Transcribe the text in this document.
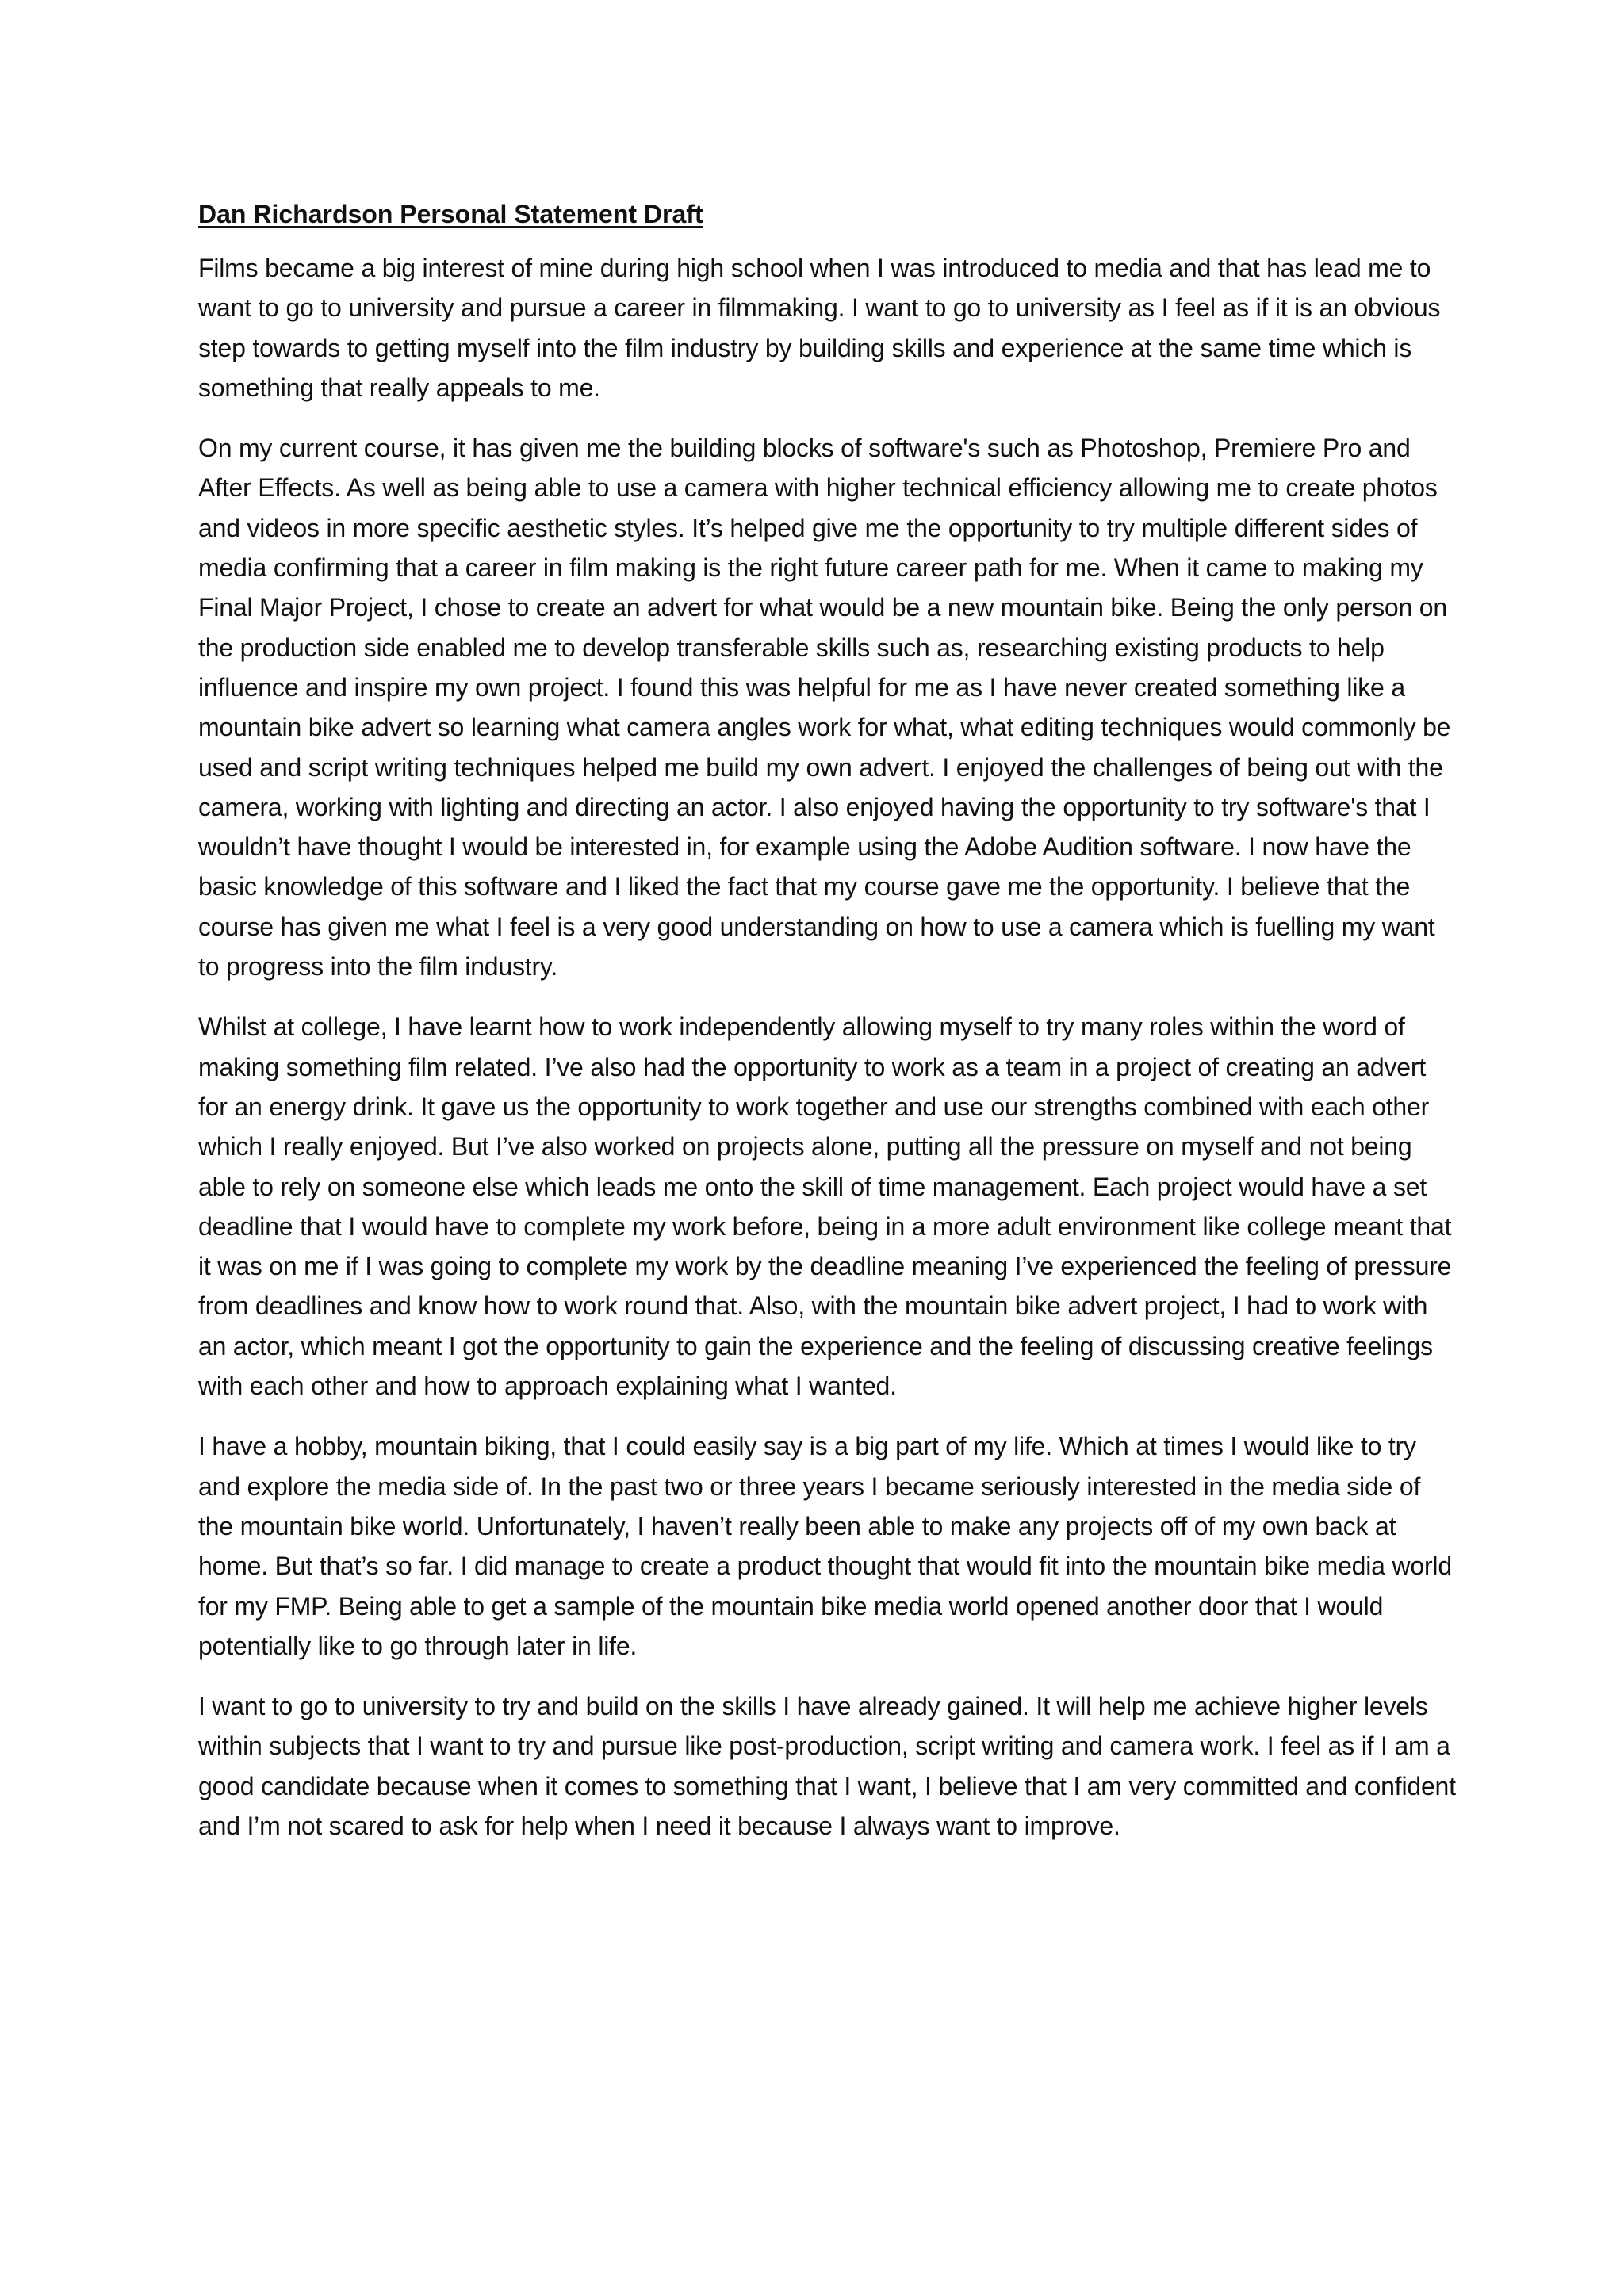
Dan Richardson Personal Statement Draft

Films became a big interest of mine during high school when I was introduced to media and that has lead me to want to go to university and pursue a career in filmmaking. I want to go to university as I feel as if it is an obvious step towards to getting myself into the film industry by building skills and experience at the same time which is something that really appeals to me.

On my current course, it has given me the building blocks of software's such as Photoshop, Premiere Pro and After Effects. As well as being able to use a camera with higher technical efficiency allowing me to create photos and videos in more specific aesthetic styles. It’s helped give me the opportunity to try multiple different sides of media confirming that a career in film making is the right future career path for me. When it came to making my Final Major Project, I chose to create an advert for what would be a new mountain bike. Being the only person on the production side enabled me to develop transferable skills such as, researching existing products to help influence and inspire my own project. I found this was helpful for me as I have never created something like a mountain bike advert so learning what camera angles work for what, what editing techniques would commonly be used and script writing techniques helped me build my own advert. I enjoyed the challenges of being out with the camera, working with lighting and directing an actor. I also enjoyed having the opportunity to try software's that I wouldn’t have thought I would be interested in, for example using the Adobe Audition software. I now have the basic knowledge of this software and I liked the fact that my course gave me the opportunity. I believe that the course has given me what I feel is a very good understanding on how to use a camera which is fuelling my want to progress into the film industry.

Whilst at college, I have learnt how to work independently allowing myself to try many roles within the word of making something film related. I’ve also had the opportunity to work as a team in a project of creating an advert for an energy drink. It gave us the opportunity to work together and use our strengths combined with each other which I really enjoyed. But I’ve also worked on projects alone, putting all the pressure on myself and not being able to rely on someone else which leads me onto the skill of time management. Each project would have a set deadline that I would have to complete my work before, being in a more adult environment like college meant that it was on me if I was going to complete my work by the deadline meaning I’ve experienced the feeling of pressure from deadlines and know how to work round that. Also, with the mountain bike advert project, I had to work with an actor, which meant I got the opportunity to gain the experience and the feeling of discussing creative feelings with each other and how to approach explaining what I wanted.

I have a hobby, mountain biking, that I could easily say is a big part of my life. Which at times I would like to try and explore the media side of. In the past two or three years I became seriously interested in the media side of the mountain bike world. Unfortunately, I haven’t really been able to make any projects off of my own back at home. But that’s so far. I did manage to create a product thought that would fit into the mountain bike media world for my FMP. Being able to get a sample of the mountain bike media world opened another door that I would potentially like to go through later in life.

I want to go to university to try and build on the skills I have already gained. It will help me achieve higher levels within subjects that I want to try and pursue like post-production, script writing and camera work. I feel as if I am a good candidate because when it comes to something that I want, I believe that I am very committed and confident and I’m not scared to ask for help when I need it because I always want to improve.
